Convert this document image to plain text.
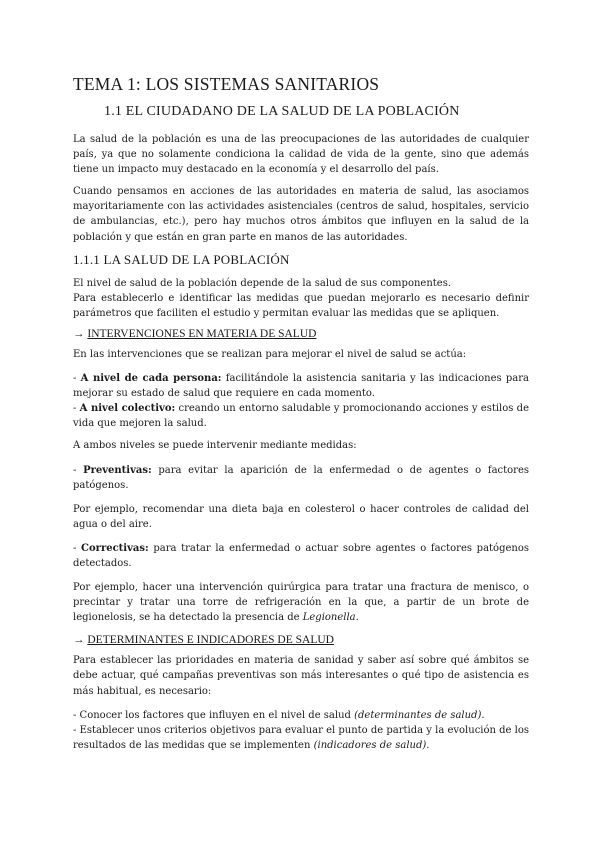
TEMA 1: LOS SISTEMAS SANITARIOS
1.1 EL CIUDADANO DE LA SALUD DE LA POBLACIÓN

La salud de la población es una de las preocupaciones de las autoridades de cualquier país, ya que no solamente condiciona la calidad de vida de la gente, sino que además tiene un impacto muy destacado en la economía y el desarrollo del país.

Cuando pensamos en acciones de las autoridades en materia de salud, las asociamos mayoritariamente con las actividades asistenciales (centros de salud, hospitales, servicio de ambulancias, etc.), pero hay muchos otros ámbitos que influyen en la salud de la población y que están en gran parte en manos de las autoridades.

1.1.1 LA SALUD DE LA POBLACIÓN

El nivel de salud de la población depende de la salud de sus componentes.

Para establecerlo e identificar las medidas que puedan mejorarlo es necesario definir parámetros que faciliten el estudio y permitan evaluar las medidas que se apliquen.

→ INTERVENCIONES EN MATERIA DE SALUD

En las intervenciones que se realizan para mejorar el nivel de salud se actúa:

- A nivel de cada persona: facilitándole la asistencia sanitaria y las indicaciones para mejorar su estado de salud que requiere en cada momento.

- A nivel colectivo: creando un entorno saludable y promocionando acciones y estilos de vida que mejoren la salud.

A ambos niveles se puede intervenir mediante medidas:

- Preventivas: para evitar la aparición de la enfermedad o de agentes o factores patógenos.

Por ejemplo, recomendar una dieta baja en colesterol o hacer controles de calidad del agua o del aire.

- Correctivas: para tratar la enfermedad o actuar sobre agentes o factores patógenos detectados.

Por ejemplo, hacer una intervención quirúrgica para tratar una fractura de menisco, o precintar y tratar una torre de refrigeración en la que, a partir de un brote de legionelosis, se ha detectado la presencia de Legionella.

→ DETERMINANTES E INDICADORES DE SALUD

Para establecer las prioridades en materia de sanidad y saber así sobre qué ámbitos se debe actuar, qué campañas preventivas son más interesantes o qué tipo de asistencia es más habitual, es necesario:

- Conocer los factores que influyen en el nivel de salud (determinantes de salud).

- Establecer unos criterios objetivos para evaluar el punto de partida y la evolución de los resultados de las medidas que se implementen (indicadores de salud).
